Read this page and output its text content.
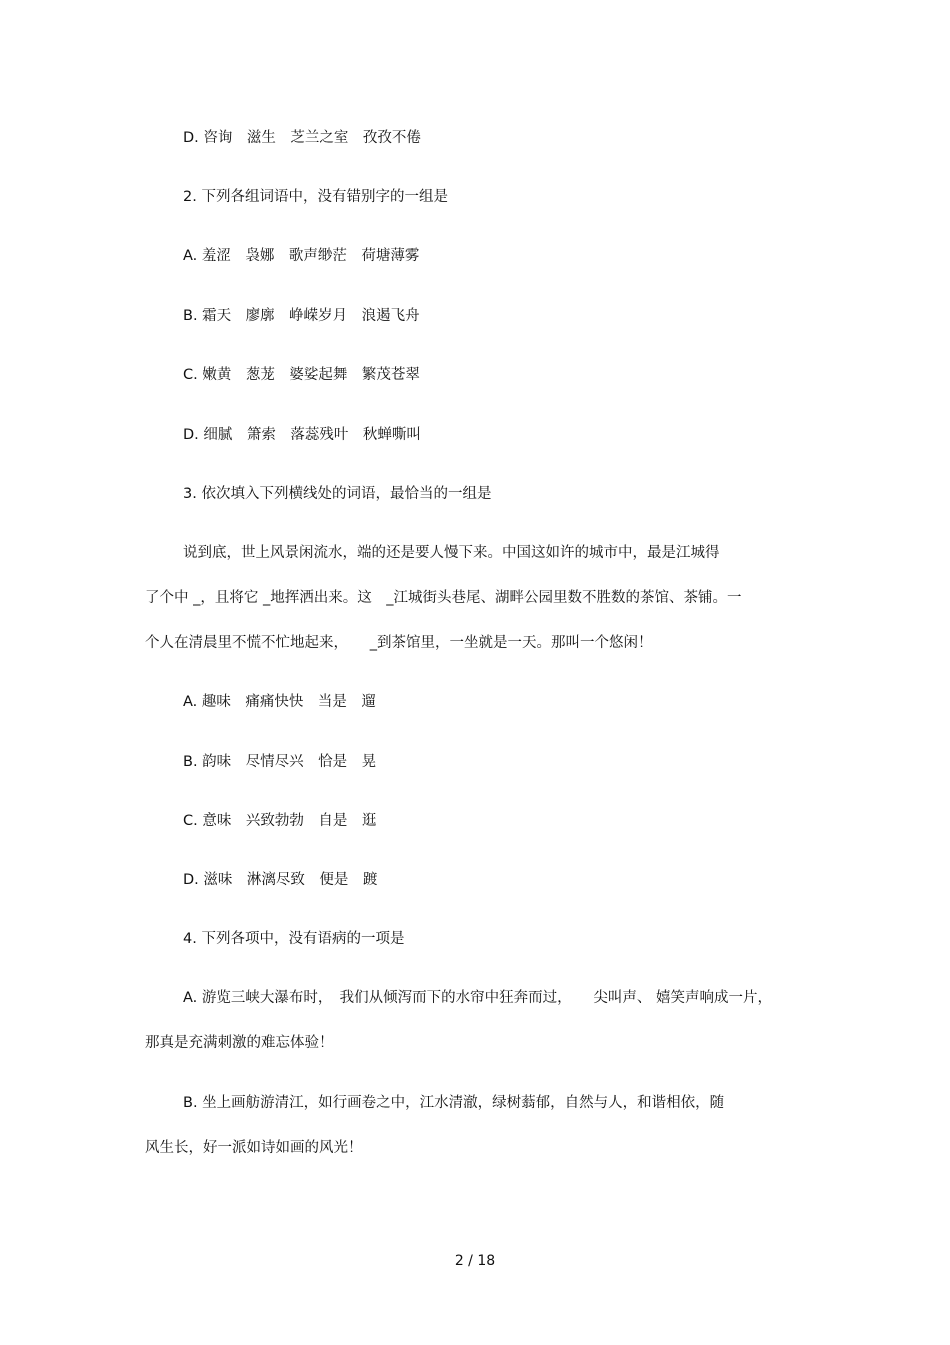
D. 咨询　滋生　芝兰之室　孜孜不倦

2. 下列各组词语中，没有错别字的一组是

A. 羞涩　袅娜　歌声缈茫　荷塘薄雾

B. 霜天　廖廓　峥嵘岁月　浪遏飞舟

C. 嫩黄　葱茏　婆娑起舞　繁茂苍翠

D. 细腻　箫索　落蕊残叶　秋蝉嘶叫

3. 依次填入下列横线处的词语，最恰当的一组是

说到底，世上风景闲流水，端的还是要人慢下来。中国这如许的城市中，最是江城得

了个中 _，且将它 _地挥洒出来。这　_江城街头巷尾、湖畔公园里数不胜数的茶馆、茶铺。一

个人在清晨里不慌不忙地起来，　　_到茶馆里，一坐就是一天。那叫一个悠闲！

A. 趣味　痛痛快快　当是　遛

B. 韵味　尽情尽兴　恰是　晃

C. 意味　兴致勃勃　自是　逛

D. 滋味　淋漓尽致　便是　踱

4. 下列各项中，没有语病的一项是

A. 游览三峡大瀑布时，　我们从倾泻而下的水帘中狂奔而过，　　尖叫声、 嬉笑声响成一片，

那真是充满刺激的难忘体验！

B. 坐上画舫游清江，如行画卷之中，江水清澈，绿树蓊郁，自然与人，和谐相依，随

风生长，好一派如诗如画的风光！

2 / 18
